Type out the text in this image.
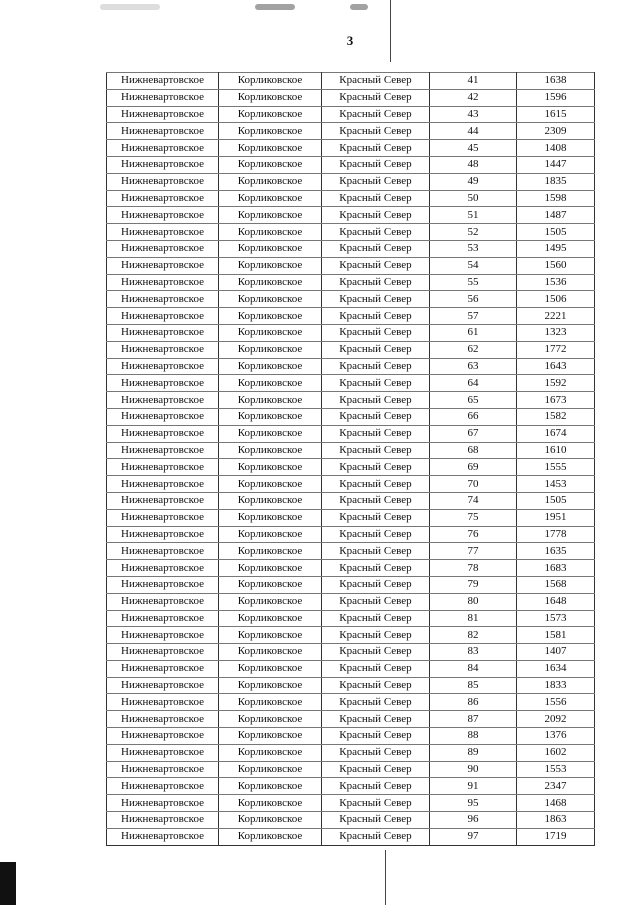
3
Нижневартовское	Корликовское	Красный Север	41	1638
Нижневартовское	Корликовское	Красный Север	42	1596
Нижневартовское	Корликовское	Красный Север	43	1615
Нижневартовское	Корликовское	Красный Север	44	2309
Нижневартовское	Корликовское	Красный Север	45	1408
Нижневартовское	Корликовское	Красный Север	48	1447
Нижневартовское	Корликовское	Красный Север	49	1835
Нижневартовское	Корликовское	Красный Север	50	1598
Нижневартовское	Корликовское	Красный Север	51	1487
Нижневартовское	Корликовское	Красный Север	52	1505
Нижневартовское	Корликовское	Красный Север	53	1495
Нижневартовское	Корликовское	Красный Север	54	1560
Нижневартовское	Корликовское	Красный Север	55	1536
Нижневартовское	Корликовское	Красный Север	56	1506
Нижневартовское	Корликовское	Красный Север	57	2221
Нижневартовское	Корликовское	Красный Север	61	1323
Нижневартовское	Корликовское	Красный Север	62	1772
Нижневартовское	Корликовское	Красный Север	63	1643
Нижневартовское	Корликовское	Красный Север	64	1592
Нижневартовское	Корликовское	Красный Север	65	1673
Нижневартовское	Корликовское	Красный Север	66	1582
Нижневартовское	Корликовское	Красный Север	67	1674
Нижневартовское	Корликовское	Красный Север	68	1610
Нижневартовское	Корликовское	Красный Север	69	1555
Нижневартовское	Корликовское	Красный Север	70	1453
Нижневартовское	Корликовское	Красный Север	74	1505
Нижневартовское	Корликовское	Красный Север	75	1951
Нижневартовское	Корликовское	Красный Север	76	1778
Нижневартовское	Корликовское	Красный Север	77	1635
Нижневартовское	Корликовское	Красный Север	78	1683
Нижневартовское	Корликовское	Красный Север	79	1568
Нижневартовское	Корликовское	Красный Север	80	1648
Нижневартовское	Корликовское	Красный Север	81	1573
Нижневартовское	Корликовское	Красный Север	82	1581
Нижневартовское	Корликовское	Красный Север	83	1407
Нижневартовское	Корликовское	Красный Север	84	1634
Нижневартовское	Корликовское	Красный Север	85	1833
Нижневартовское	Корликовское	Красный Север	86	1556
Нижневартовское	Корликовское	Красный Север	87	2092
Нижневартовское	Корликовское	Красный Север	88	1376
Нижневартовское	Корликовское	Красный Север	89	1602
Нижневартовское	Корликовское	Красный Север	90	1553
Нижневартовское	Корликовское	Красный Север	91	2347
Нижневартовское	Корликовское	Красный Север	95	1468
Нижневартовское	Корликовское	Красный Север	96	1863
Нижневартовское	Корликовское	Красный Север	97	1719
